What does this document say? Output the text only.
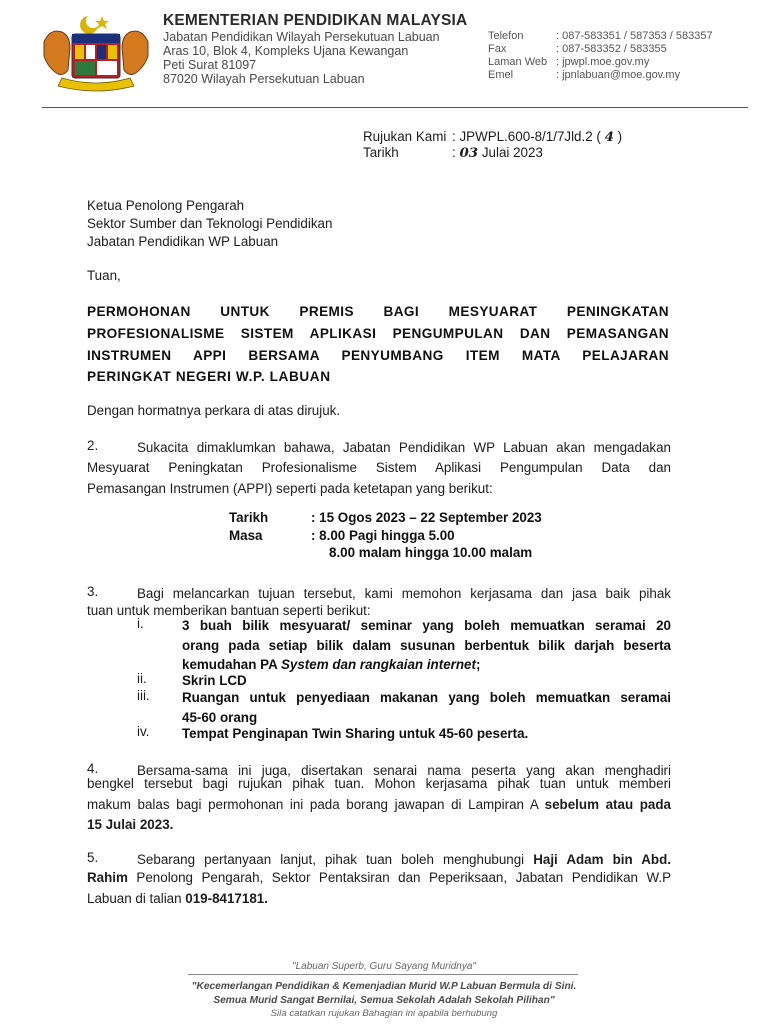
KEMENTERIAN PENDIDIKAN MALAYSIA
Jabatan Pendidikan Wilayah Persekutuan Labuan
Aras 10, Blok 4, Kompleks Ujana Kewangan
Peti Surat 81097
87020 Wilayah Persekutuan Labuan
Telefon	: 087-583351 / 587353 / 583357
Fax	: 087-583352 / 583355
Laman Web : jpwpl.moe.gov.my
Emel	: jpnlabuan@moe.gov.my
Rujukan Kami : JPWPL.600-8/1/7Jld.2 ( 4 )
Tarikh	: 03 Julai 2023
Ketua Penolong Pengarah
Sektor Sumber dan Teknologi Pendidikan
Jabatan Pendidikan WP Labuan
Tuan,
PERMOHONAN UNTUK PREMIS BAGI MESYUARAT PENINGKATAN
PROFESIONALISME SISTEM APLIKASI PENGUMPULAN DAN PEMASANGAN
INSTRUMEN APPI BERSAMA PENYUMBANG ITEM MATA PELAJARAN
PERINGKAT NEGERI W.P. LABUAN
Dengan hormatnya perkara di atas dirujuk.
2.	Sukacita dimaklumkan bahawa, Jabatan Pendidikan WP Labuan akan mengadakan
Mesyuarat Peningkatan Profesionalisme Sistem Aplikasi Pengumpulan Data dan
Pemasangan Instrumen (APPI) seperti pada ketetapan yang berikut:
Tarikh	: 15 Ogos 2023 – 22 September 2023
Masa	: 8.00 Pagi hingga 5.00
8.00 malam hingga 10.00 malam
3.	Bagi melancarkan tujuan tersebut, kami memohon kerjasama dan jasa baik pihak
tuan untuk memberikan bantuan seperti berikut:
i.	3 buah bilik mesyuarat/ seminar yang boleh memuatkan seramai 20
orang pada setiap bilik dalam susunan berbentuk bilik darjah beserta
kemudahan PA System dan rangkaian internet;
ii.	Skrin LCD
iii. Ruangan untuk penyediaan makanan yang boleh memuatkan seramai
45-60 orang
iv. Tempat Penginapan Twin Sharing untuk 45-60 peserta.
4.	Bersama-sama ini juga, disertakan senarai nama peserta yang akan menghadiri
bengkel tersebut bagi rujukan pihak tuan. Mohon kerjasama pihak tuan untuk memberi
makum balas bagi permohonan ini pada borang jawapan di Lampiran A sebelum atau pada
15 Julai 2023.
5.	Sebarang pertanyaan lanjut, pihak tuan boleh menghubungi Haji Adam bin Abd.
Rahim Penolong Pengarah, Sektor Pentaksiran dan Peperiksaan, Jabatan Pendidikan W.P
Labuan di talian 019-8417181.
"Labuan Superb, Guru Sayang Muridnya"
"Kecemerlangan Pendidikan & Kemenjadian Murid W.P Labuan Bermula di Sini.
Semua Murid Sangat Bernilai, Semua Sekolah Adalah Sekolah Pilihan"
Sila catatkan rujukan Bahagian ini apabila berhubung
